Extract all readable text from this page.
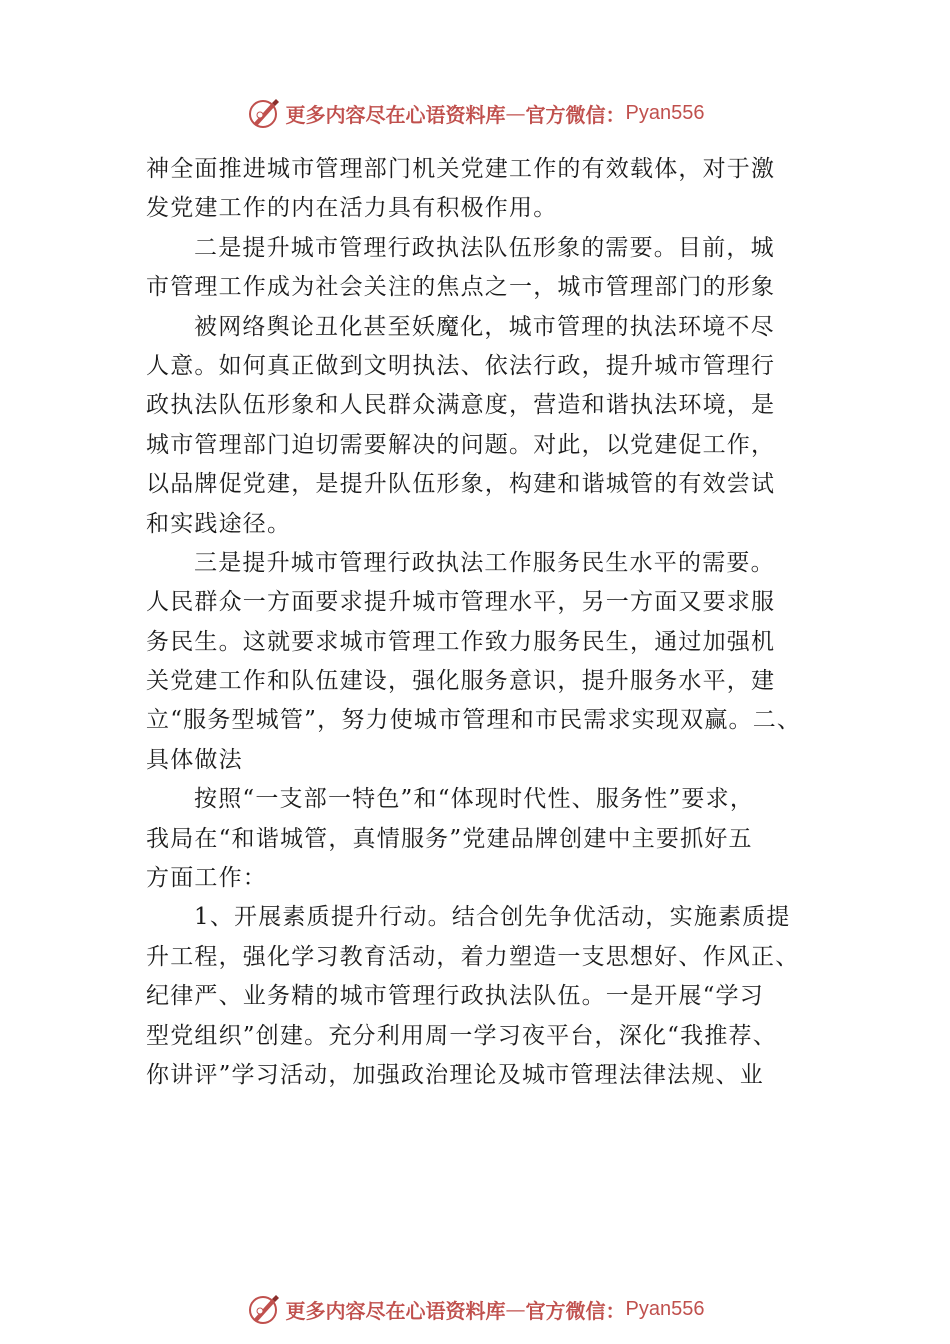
更多内容尽在心语资料库 — 官方微信： Pyan556
神全面推进城市管理部门机关党建工作的有效载体，对于激
发党建工作的内在活力具有积极作用。
二是提升城市管理行政执法队伍形象的需要。目前，城
市管理工作成为社会关注的焦点之一，城市管理部门的形象
被网络舆论丑化甚至妖魔化，城市管理的执法环境不尽
人意。如何真正做到文明执法、依法行政，提升城市管理行
政执法队伍形象和人民群众满意度，营造和谐执法环境，是
城市管理部门迫切需要解决的问题。对此，以党建促工作，
以品牌促党建，是提升队伍形象，构建和谐城管的有效尝试
和实践途径。
三是提升城市管理行政执法工作服务民生水平的需要。
人民群众一方面要求提升城市管理水平，另一方面又要求服
务民生。这就要求城市管理工作致力服务民生，通过加强机
关党建工作和队伍建设，强化服务意识，提升服务水平，建
立“服务型城管”，努力使城市管理和市民需求实现双赢。二、
具体做法
按照“一支部一特色”和“体现时代性、服务性”要求，
我局在“和谐城管，真情服务”党建品牌创建中主要抓好五
方面工作：
1、开展素质提升行动。结合创先争优活动，实施素质提
升工程，强化学习教育活动，着力塑造一支思想好、作风正、
纪律严、业务精的城市管理行政执法队伍。一是开展“学习
型党组织”创建。充分利用周一学习夜平台，深化“我推荐、
你讲评”学习活动，加强政治理论及城市管理法律法规、业
更多内容尽在心语资料库 — 官方微信： Pyan556
